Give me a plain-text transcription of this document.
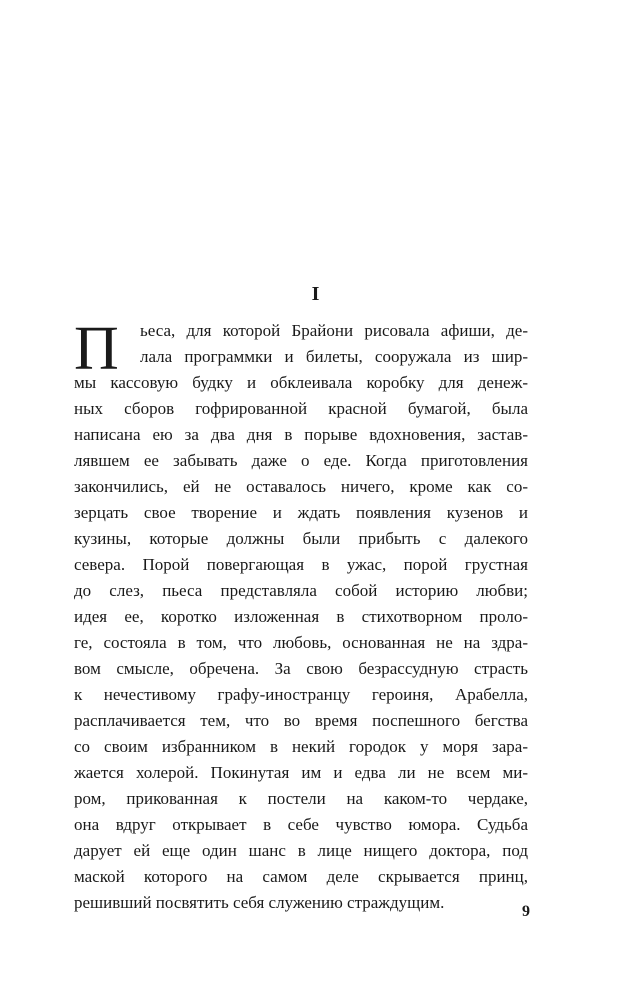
I
П	ьеса, для которой Брайони рисовала афиши, де-
лала программки и билеты, сооружала из шир-
мы кассовую будку и обклеивала коробку для денеж-
ных сборов гофрированной красной бумагой, была
написана ею за два дня в порыве вдохновения, застав-
лявшем ее забывать даже о еде. Когда приготовления
закончились, ей не оставалось ничего, кроме как со-
зерцать свое творение и ждать появления кузенов и
кузины, которые должны были прибыть с далекого
севера. Порой повергающая в ужас, порой грустная
до слез, пьеса представляла собой историю любви;
идея ее, коротко изложенная в стихотворном проло-
ге, состояла в том, что любовь, основанная не на здра-
вом смысле, обречена. За свою безрассудную страсть
к нечестивому графу-иностранцу героиня, Арабелла,
расплачивается тем, что во время поспешного бегства
со своим избранником в некий городок у моря зара-
жается холерой. Покинутая им и едва ли не всем ми-
ром, прикованная к постели на каком-то чердаке,
она вдруг открывает в себе чувство юмора. Судьба
дарует ей еще один шанс в лице нищего доктора, под
маской которого на самом деле скрывается принц,
решивший посвятить себя служению страждущим.	9
